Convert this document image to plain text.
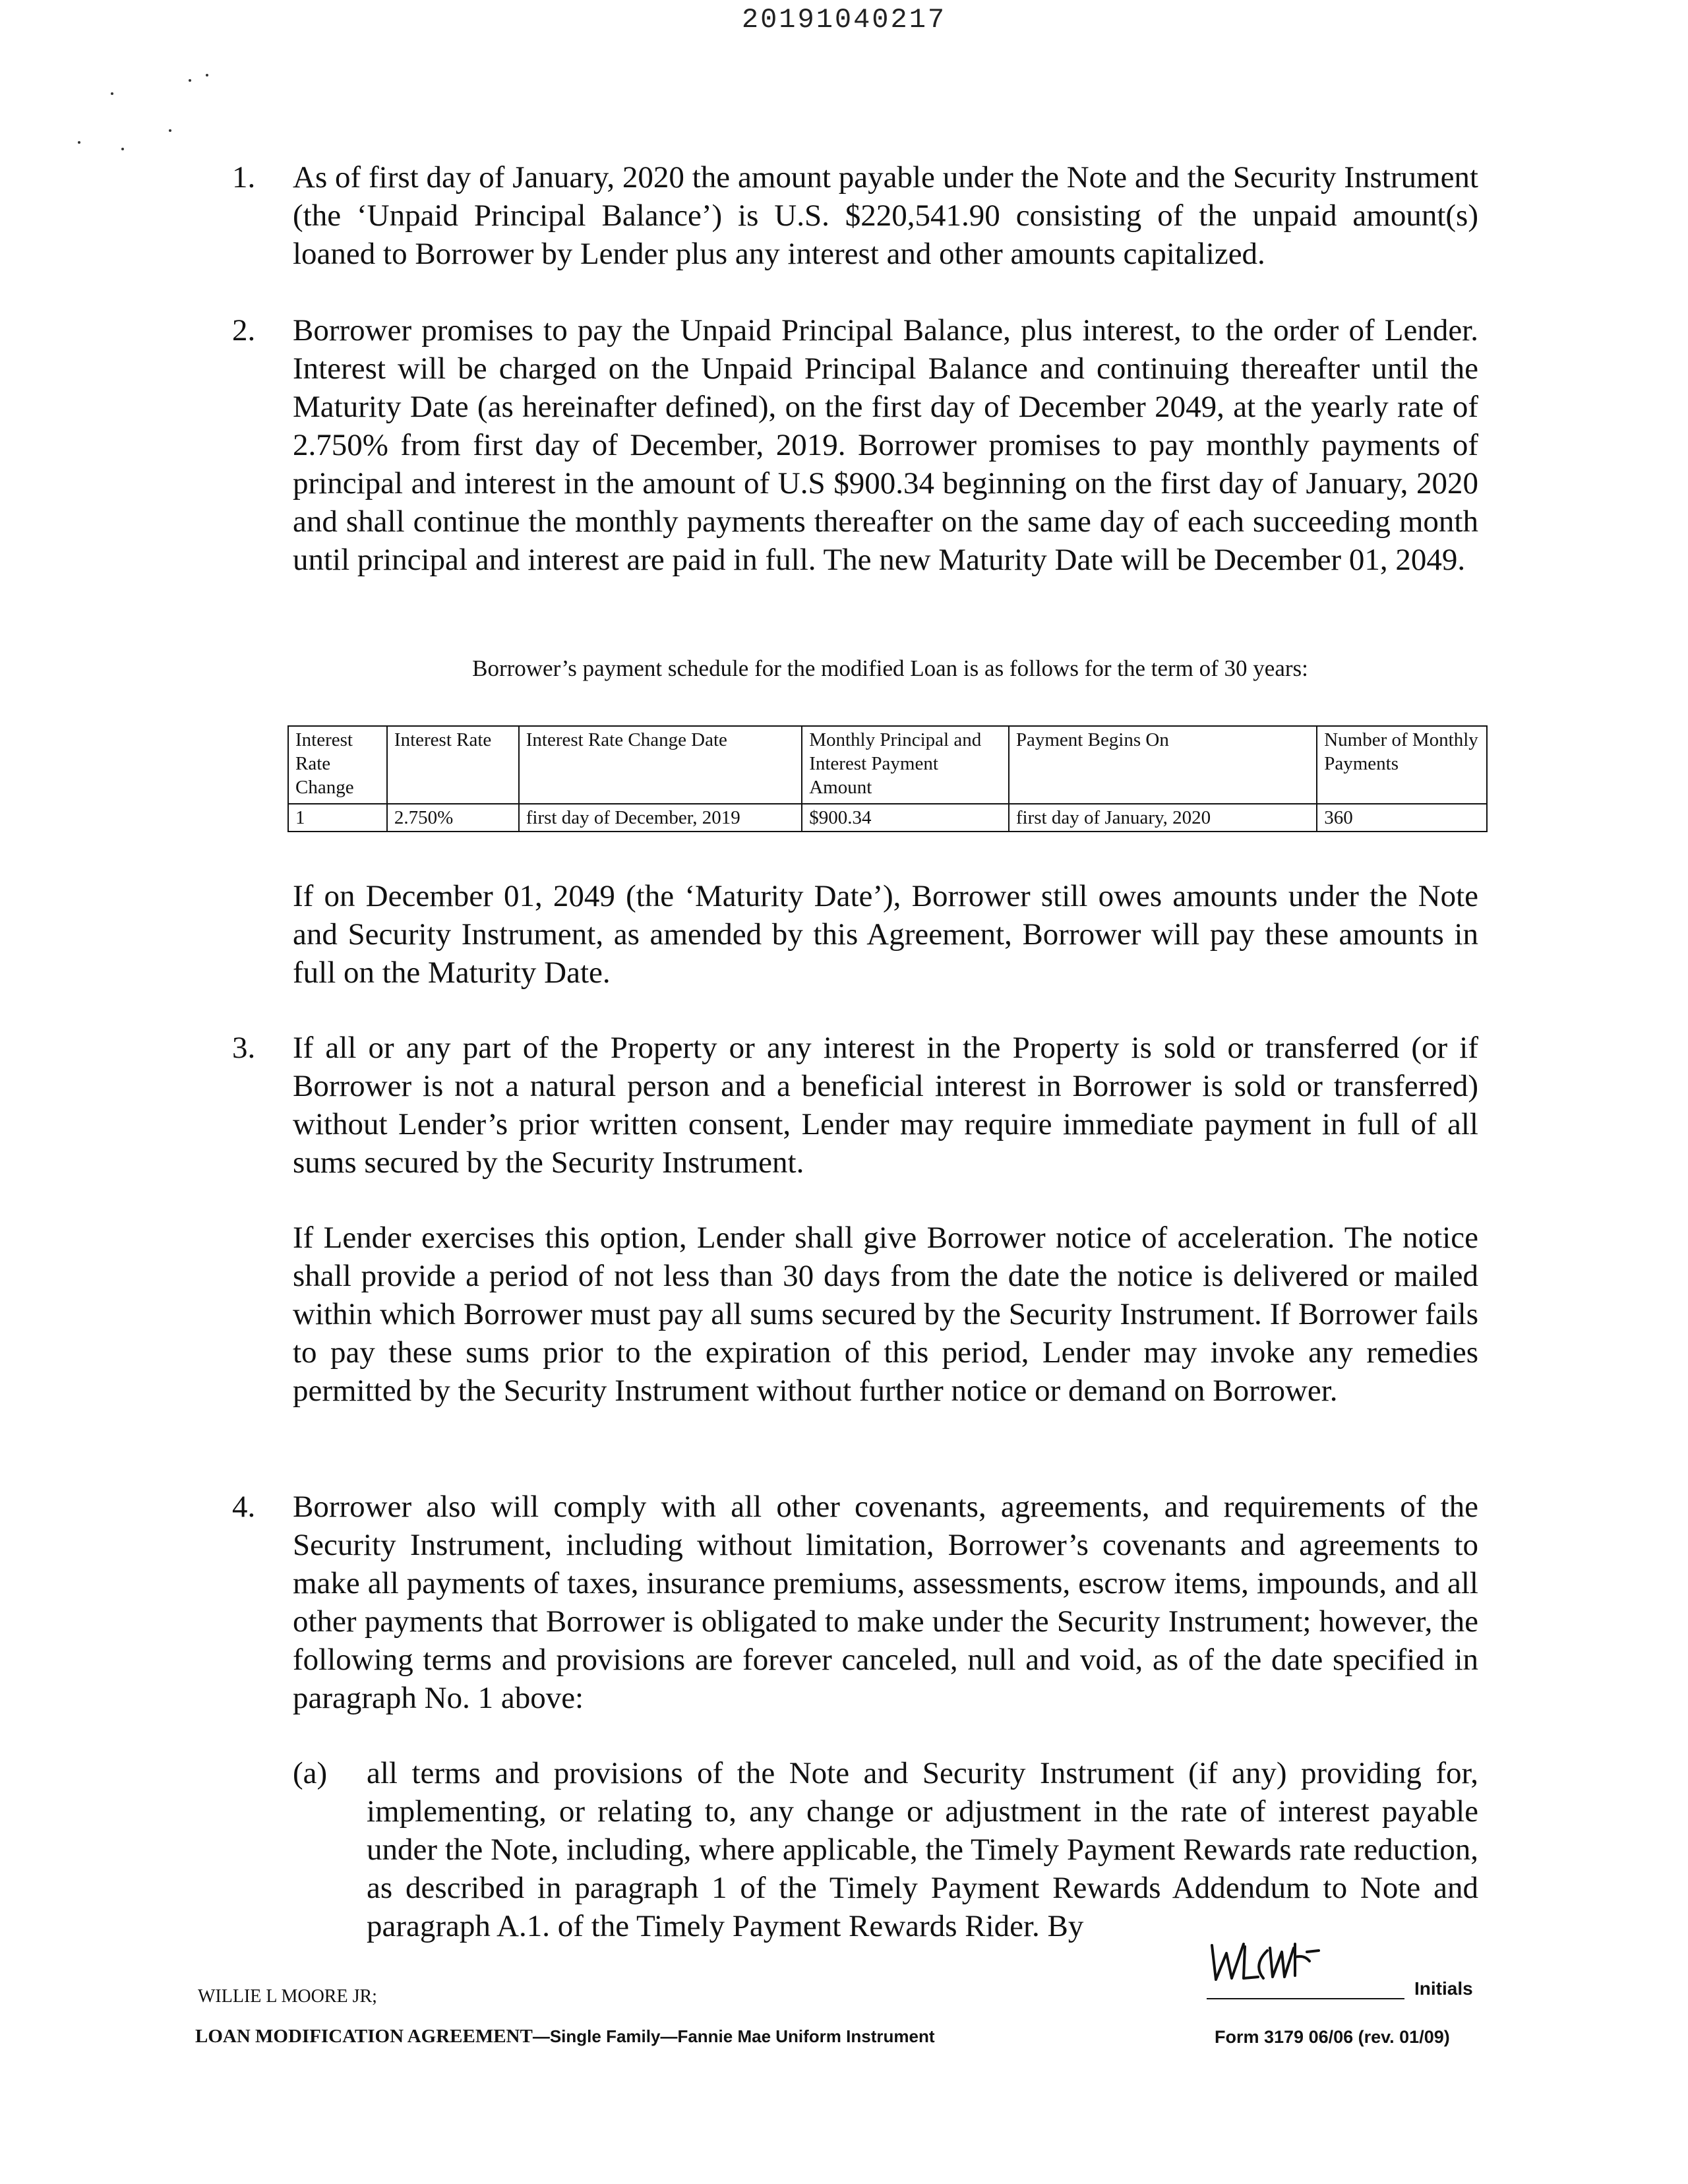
20191040217
1. As of first day of January, 2020 the amount payable under the Note and the Security Instrument (the ‘Unpaid Principal Balance’) is U.S. $220,541.90 consisting of the unpaid amount(s) loaned to Borrower by Lender plus any interest and other amounts capitalized.
2. Borrower promises to pay the Unpaid Principal Balance, plus interest, to the order of Lender. Interest will be charged on the Unpaid Principal Balance and continuing thereafter until the Maturity Date (as hereinafter defined), on the first day of December 2049, at the yearly rate of 2.750% from first day of December, 2019. Borrower promises to pay monthly payments of principal and interest in the amount of U.S $900.34 beginning on the first day of January, 2020 and shall continue the monthly payments thereafter on the same day of each succeeding month until principal and interest are paid in full. The new Maturity Date will be December 01, 2049.
Borrower’s payment schedule for the modified Loan is as follows for the term of 30 years:
Interest Rate Change	Interest Rate	Interest Rate Change Date	Monthly Principal and Interest Payment Amount	Payment Begins On	Number of Monthly Payments
1	2.750%	first day of December, 2019	$900.34	first day of January, 2020	360
If on December 01, 2049 (the ‘Maturity Date’), Borrower still owes amounts under the Note and Security Instrument, as amended by this Agreement, Borrower will pay these amounts in full on the Maturity Date.
3. If all or any part of the Property or any interest in the Property is sold or transferred (or if Borrower is not a natural person and a beneficial interest in Borrower is sold or transferred) without Lender’s prior written consent, Lender may require immediate payment in full of all sums secured by the Security Instrument.
If Lender exercises this option, Lender shall give Borrower notice of acceleration. The notice shall provide a period of not less than 30 days from the date the notice is delivered or mailed within which Borrower must pay all sums secured by the Security Instrument. If Borrower fails to pay these sums prior to the expiration of this period, Lender may invoke any remedies permitted by the Security Instrument without further notice or demand on Borrower.
4. Borrower also will comply with all other covenants, agreements, and requirements of the Security Instrument, including without limitation, Borrower’s covenants and agreements to make all payments of taxes, insurance premiums, assessments, escrow items, impounds, and all other payments that Borrower is obligated to make under the Security Instrument; however, the following terms and provisions are forever canceled, null and void, as of the date specified in paragraph No. 1 above:
(a) all terms and provisions of the Note and Security Instrument (if any) providing for, implementing, or relating to, any change or adjustment in the rate of interest payable under the Note, including, where applicable, the Timely Payment Rewards rate reduction, as described in paragraph 1 of the Timely Payment Rewards Addendum to Note and paragraph A.1. of the Timely Payment Rewards Rider. By
WILLIE L MOORE JR;	Initials
LOAN MODIFICATION AGREEMENT—Single Family—Fannie Mae Uniform Instrument	Form 3179 06/06 (rev. 01/09)
